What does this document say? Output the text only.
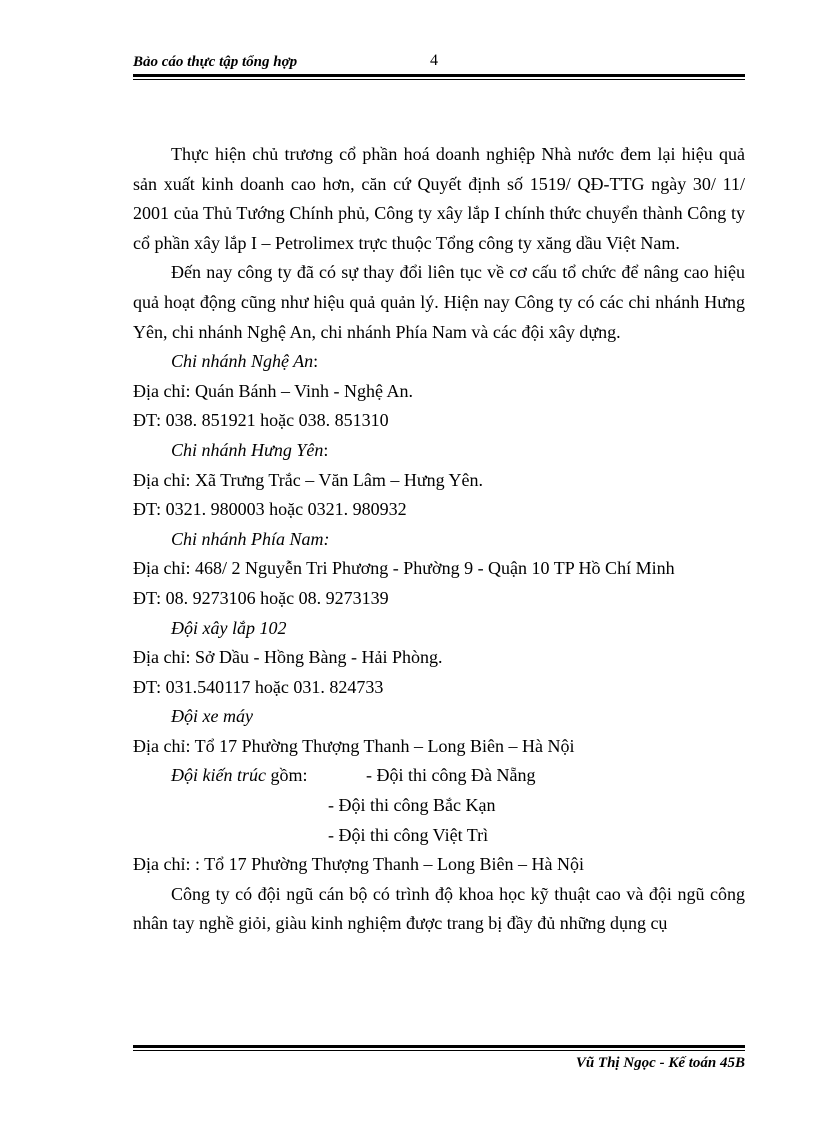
Bảo cáo thực tập tổng hợp	4

Thực hiện chủ trương cổ phần hoá doanh nghiệp Nhà nước đem lại hiệu quả sản xuất kinh doanh cao hơn, căn cứ Quyết định số 1519/ QĐ-TTG ngày 30/ 11/ 2001 của Thủ Tướng Chính phủ, Công ty xây lắp I chính thức chuyển thành Công ty cổ phần xây lắp I – Petrolimex trực thuộc Tổng công ty xăng dầu Việt Nam.

Đến nay công ty đã có sự thay đổi liên tục về cơ cấu tổ chức để nâng cao hiệu quả hoạt động cũng như hiệu quả quản lý. Hiện nay Công ty có các chi nhánh Hưng Yên, chi nhánh Nghệ An, chi nhánh Phía Nam và các đội xây dựng.

Chi nhánh Nghệ An:

Địa chỉ: Quán Bánh – Vinh - Nghệ An.

ĐT: 038. 851921 hoặc 038. 851310

Chi nhánh Hưng Yên:

Địa chỉ: Xã Trưng Trắc – Văn Lâm – Hưng Yên.

ĐT: 0321. 980003 hoặc 0321. 980932

Chi nhánh Phía Nam:

Địa chỉ: 468/ 2 Nguyễn Tri Phương - Phường 9 - Quận 10 TP Hồ Chí Minh

ĐT: 08. 9273106 hoặc 08. 9273139

Đội xây lắp 102

Địa chỉ: Sở Dầu - Hồng Bàng - Hải Phòng.

ĐT: 031.540117 hoặc 031. 824733

Đội xe máy

Địa chỉ: Tổ 17 Phường Thượng Thanh – Long Biên – Hà Nội

Đội kiến trúc gồm:	- Đội thi công Đà Nẵng
- Đội thi công Bắc Kạn
- Đội thi công Việt Trì

Địa chỉ: : Tổ 17 Phường Thượng Thanh – Long Biên – Hà Nội

Công ty có đội ngũ cán bộ có trình độ khoa học kỹ thuật cao và đội ngũ công nhân tay nghề giỏi, giàu kinh nghiệm được trang bị đầy đủ những dụng cụ

Vũ Thị Ngọc - Kế toán 45B
